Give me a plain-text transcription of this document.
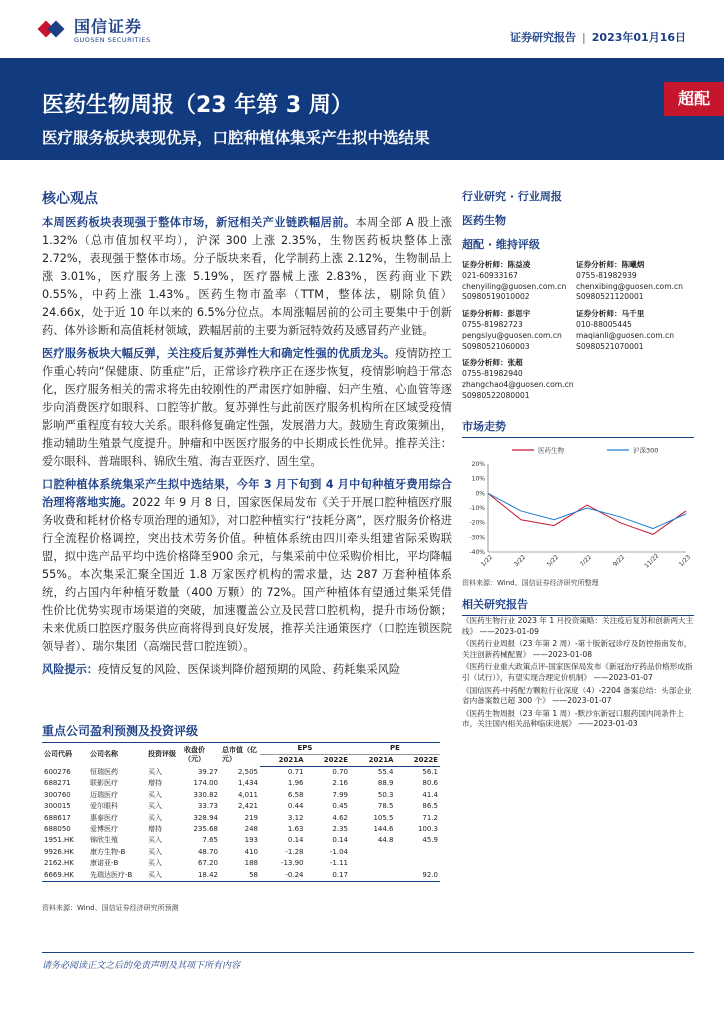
国信证券
GUOSEN SECURITIES	证券研究报告 | 2023年01月16日
医药生物周报（23 年第 3 周）
医疗服务板块表现优异，口腔种植体集采产生拟中选结果
超配
核心观点

本周医药板块表现强于整体市场，新冠相关产业链跌幅居前。本周全部 A 股上涨 1.32%（总市值加权平均），沪深 300 上涨 2.35%，生物医药板块整体上涨 2.72%，表现强于整体市场。分子版块来看，化学制药上涨 2.12%，生物制品上涨 3.01%，医疗服务上涨 5.19%，医疗器械上涨 2.83%，医药商业下跌 0.55%，中药上涨 1.43%。医药生物市盈率（TTM，整体法，剔除负值）24.66x，处于近 10 年以来的 6.5%分位点。本周涨幅居前的公司主要集中于创新药、体外诊断和高值耗材领域，跌幅居前的主要为新冠特效药及感冒药产业链。

医疗服务板块大幅反弹，关注疫后复苏弹性大和确定性强的优质龙头。疫情防控工作重心转向“保健康、防重症”后，正常诊疗秩序正在逐步恢复，疫情影响趋于常态化，医疗服务相关的需求将先由较刚性的严肃医疗如肿瘤、妇产生殖、心血管等逐步向消费医疗如眼科、口腔等扩散。复苏弹性与此前医疗服务机构所在区域受疫情影响严重程度有较大关系。眼科修复确定性强，发展潜力大。鼓励生育政策频出，推动辅助生殖景气度提升。肿瘤和中医医疗服务的中长期成长性优异。推荐关注：爱尔眼科、普瑞眼科、锦欣生殖、海吉亚医疗、固生堂。

口腔种植体系统集采产生拟中选结果，今年 3 月下旬到 4 月中旬种植牙费用综合治理将落地实施。2022 年 9 月 8 日，国家医保局发布《关于开展口腔种植医疗服务收费和耗材价格专项治理的通知》，对口腔种植实行“技耗分离”，医疗服务价格进行全流程价格调控，突出技术劳务价值。种植体系统由四川牵头组建省际采购联盟，拟中选产品平均中选价格降至900 余元，与集采前中位采购价相比，平均降幅 55%。本次集采汇聚全国近 1.8 万家医疗机构的需求量，达 287 万套种植体系统，约占国内年种植牙数量（400 万颗）的 72%。国产种植体有望通过集采凭借性价比优势实现市场渠道的突破，加速覆盖公立及民营口腔机构，提升市场份额；未来优质口腔医疗服务供应商将得到良好发展，推荐关注通策医疗（口腔连锁医院领导者）、瑞尔集团（高端民营口腔连锁）。

风险提示：疫情反复的风险、医保谈判降价超预期的风险、药耗集采风险

重点公司盈利预测及投资评级
公司代码	公司名称	投资评级	收盘价（元）	总市值（亿元）	EPS		PE	
					2021A	2022E	2021A	2022E
600276	恒瑞医药	买入	39.27	2,505	0.71	0.70	55.4	56.1
688271	联影医疗	增持	174.00	1,434	1.96	2.16	88.9	80.6
300760	迈瑞医疗	买入	330.82	4,011	6.58	7.99	50.3	41.4
300015	爱尔眼科	买入	33.73	2,421	0.44	0.45	78.5	86.5
688617	惠泰医疗	买入	328.94	219	3.12	4.62	105.5	71.2
688050	爱博医疗	增持	235.68	248	1.63	2.35	144.6	100.3
1951.HK	锦欣生殖	买入	7.65	193	0.14	0.14	44.8	45.9
9926.HK	康方生物-B	买入	48.70	410	-1.28	-1.04		
2162.HK	康诺亚-B	买入	67.20	188	-13.90	-1.11		
6669.HK	先瑞达医疗-B	买入	18.42	58	-0.24	0.17		92.0
资料来源：Wind、国信证券经济研究所预测
行业研究 · 行业周报
医药生物
超配 · 维持评级
证券分析师：陈益凌
021-60933167
chenyiling@guosen.com.cn
S0980519010002
证券分析师：陈曦炳
0755-81982939
chenxibing@guosen.com.cn
S0980521120001
证券分析师：彭思宇
0755-81982723
pengsiyu@guosen.com.cn
S0980521060003
证券分析师：马千里
010-88005445
maqianli@guosen.com.cn
S0980521070001
证券分析师：张超
0755-81982940
zhangchao4@guosen.com.cn
S0980522080001
市场走势
20%
10%
0%
-10%
-20%
-30%
-40%
1/22	3/22	5/22	7/22	9/22	11/22	1/23
医药生物	沪深300
资料来源：Wind、国信证券经济研究所整理
相关研究报告
《医药生物行业 2023 年 1 月投资策略：关注疫后复苏和创新两大主线》 ——2023-01-09
《医药行业周报（23 年第 2 周）-第十版新冠诊疗及防控指南发布，关注创新药械配置》 ——2023-01-08
《医药行业重大政策点评-国家医保局发布《新冠治疗药品价格形成指引（试行）》，有望实现合理定价机制》 ——2023-01-07
《国信医药-中药配方颗粒行业深度（4）-2204 备案总结：头部企业省内备案数已超 300 个》 ——2023-01-07
《医药生物周报（23 年第 1 周）-默沙东新冠口服药国内同条件上市，关注国内相关品种临床进展》 ——2023-01-03
请务必阅读正文之后的免责声明及其项下所有内容
